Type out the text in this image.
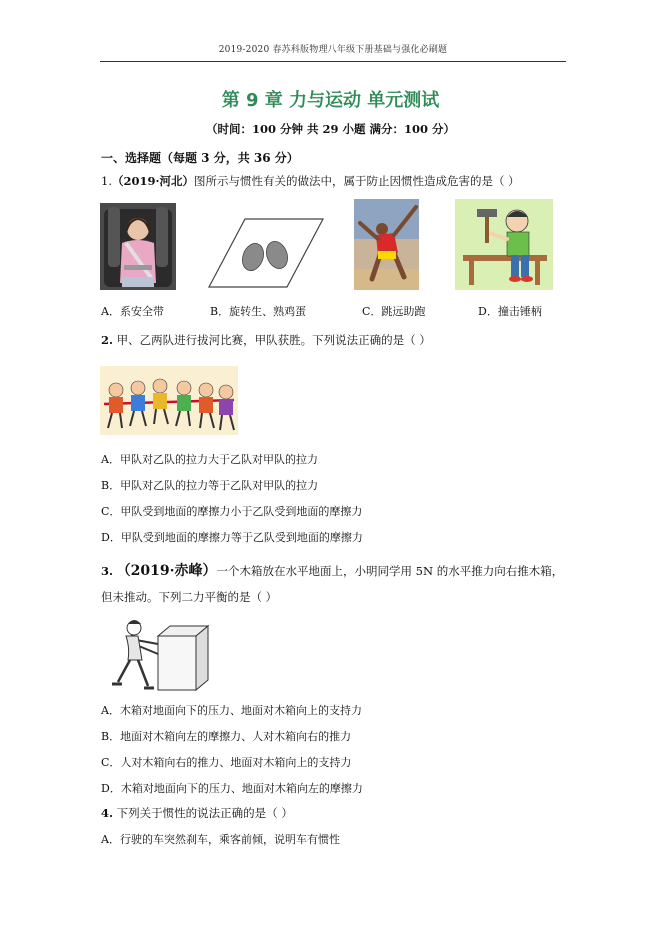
2019-2020 春苏科版物理八年级下册基础与强化必刷题
第 9 章 力与运动 单元测试
（时间：100 分钟 共 29 小题 满分：100 分）
一、选择题（每题 3 分，共 36 分）
1.（2019·河北）图所示与惯性有关的做法中，属于防止因惯性造成危害的是（ ）
A．系安全带	B．旋转生、熟鸡蛋	C．跳远助跑	D．撞击锤柄
2. 甲、乙两队进行拔河比赛，甲队获胜。下列说法正确的是（ ）
A．甲队对乙队的拉力大于乙队对甲队的拉力
B．甲队对乙队的拉力等于乙队对甲队的拉力
C．甲队受到地面的摩擦力小于乙队受到地面的摩擦力
D．甲队受到地面的摩擦力等于乙队受到地面的摩擦力
3. （2019·赤峰）一个木箱放在水平地面上，小明同学用 5N 的水平推力向右推木箱，
但未推动。下列二力平衡的是（ ）
A．木箱对地面向下的压力、地面对木箱向上的支持力
B．地面对木箱向左的摩擦力、人对木箱向右的推力
C．人对木箱向右的推力、地面对木箱向上的支持力
D．木箱对地面向下的压力、地面对木箱向左的摩擦力
4. 下列关于惯性的说法正确的是（ ）
A．行驶的车突然刹车，乘客前倾，说明车有惯性
